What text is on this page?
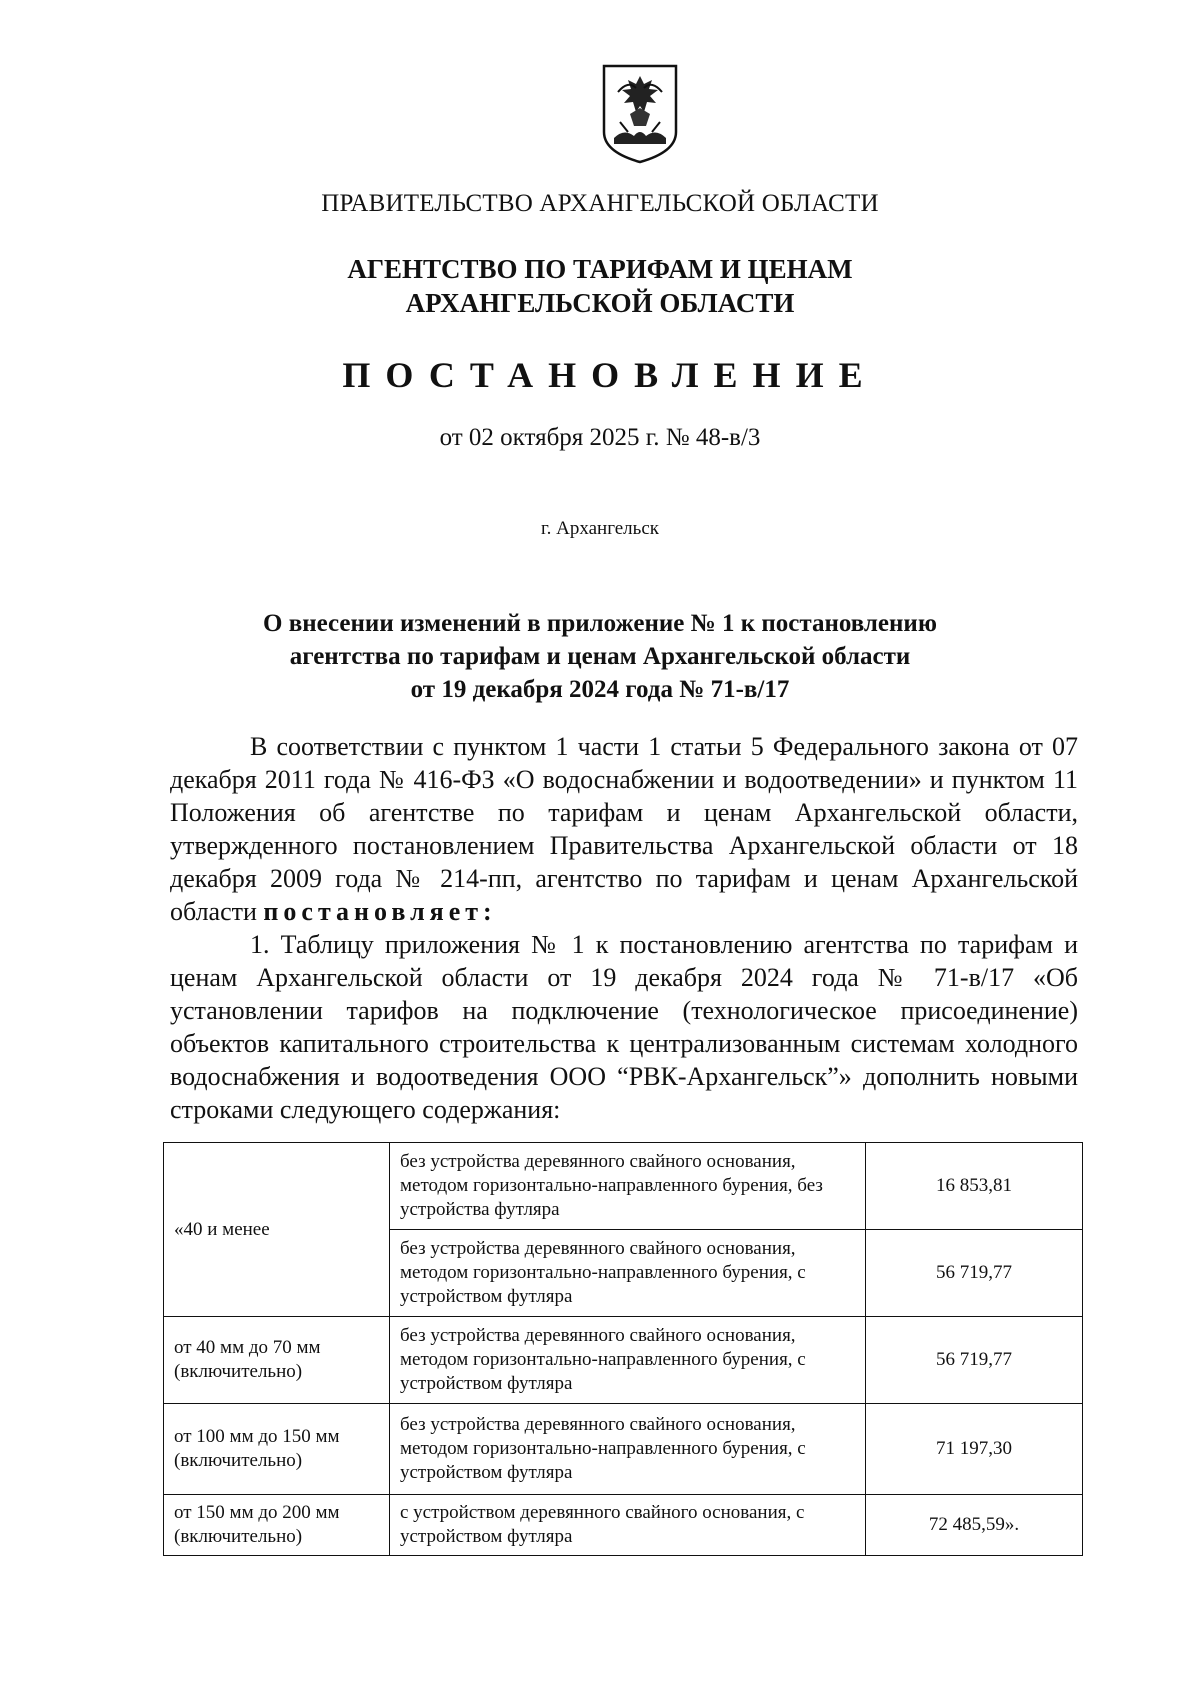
ПРАВИТЕЛЬСТВО АРХАНГЕЛЬСКОЙ ОБЛАСТИ
АГЕНТСТВО ПО ТАРИФАМ И ЦЕНАМ
АРХАНГЕЛЬСКОЙ ОБЛАСТИ
ПОСТАНОВЛЕНИЕ
от 02 октября 2025 г. № 48-в/3
г. Архангельск
О внесении изменений в приложение № 1 к постановлению
агентства по тарифам и ценам Архангельской области
от 19 декабря 2024 года № 71-в/17

В соответствии с пунктом 1 части 1 статьи 5 Федерального закона от 07 декабря 2011 года № 416-ФЗ «О водоснабжении и водоотведении» и пунктом 11 Положения об агентстве по тарифам и ценам Архангельской области, утвержденного постановлением Правительства Архангельской области от 18 декабря 2009 года № 214-пп, агентство по тарифам и ценам Архангельской области постановляет:

1. Таблицу приложения № 1 к постановлению агентства по тарифам и ценам Архангельской области от 19 декабря 2024 года № 71-в/17 «Об установлении тарифов на подключение (технологическое присоединение) объектов капитального строительства к централизованным системам холодного водоснабжения и водоотведения ООО “РВК-Архангельск”» дополнить новыми строками следующего содержания:

«40 и менее	без устройства деревянного свайного основания, методом горизонтально-направленного бурения, без устройства футляра	16 853,81
	без устройства деревянного свайного основания, методом горизонтально-направленного бурения, с устройством футляра	56 719,77
от 40 мм до 70 мм (включительно)	без устройства деревянного свайного основания, методом горизонтально-направленного бурения, с устройством футляра	56 719,77
от 100 мм до 150 мм (включительно)	без устройства деревянного свайного основания, методом горизонтально-направленного бурения, с устройством футляра	71 197,30
от 150 мм до 200 мм (включительно)	с устройством деревянного свайного основания, с устройством футляра	72 485,59».
